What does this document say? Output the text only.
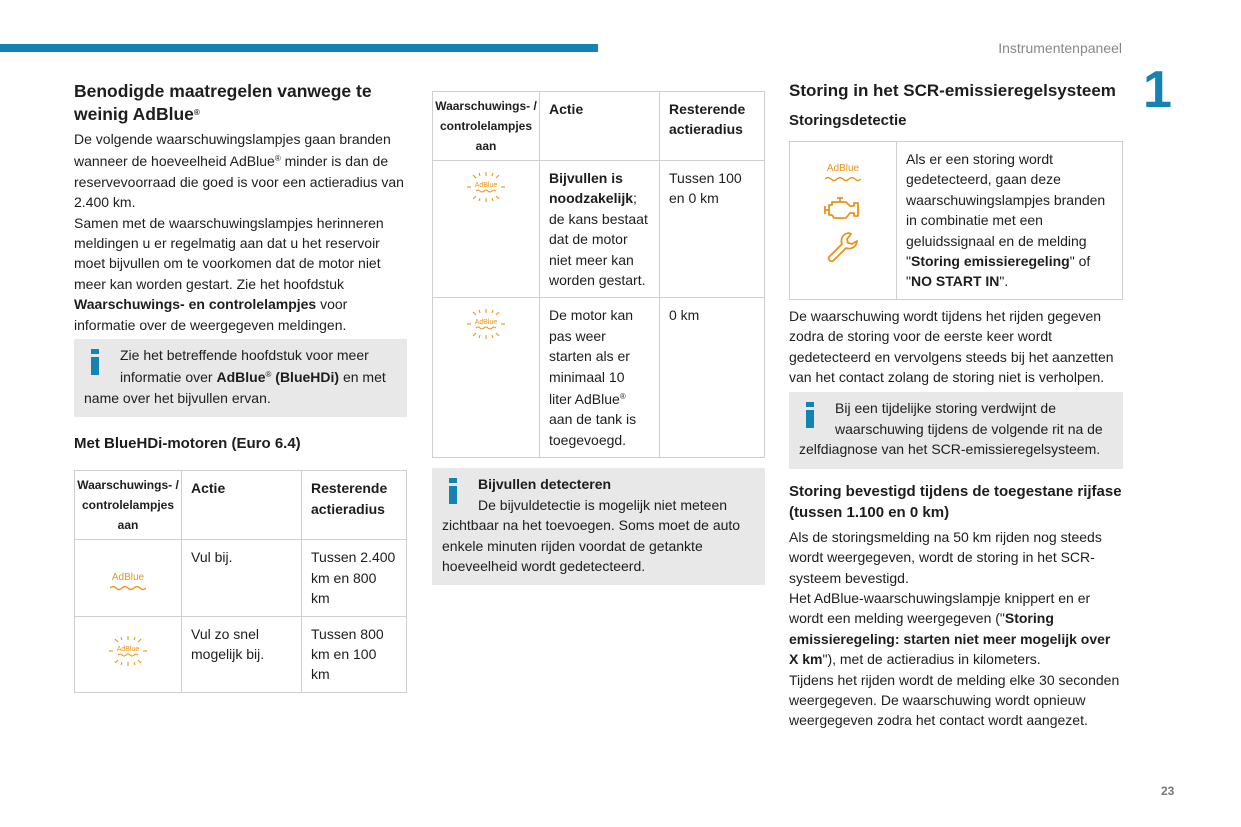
Instrumentenpaneel
1
23
Benodigde maatregelen vanwege te weinig AdBlue®

De volgende waarschuwingslampjes gaan branden wanneer de hoeveelheid AdBlue® minder is dan de reservevoorraad die goed is voor een actieradius van 2.400 km.

Samen met de waarschuwingslampjes herinneren meldingen u er regelmatig aan dat u het reservoir moet bijvullen om te voorkomen dat de motor niet meer kan worden gestart. Zie het hoofdstuk Waarschuwings- en controlelampjes voor informatie over de weergegeven meldingen.

Zie het betreffende hoofdstuk voor meer informatie over AdBlue® (BlueHDi) en met name over het bijvullen ervan.
Met BlueHDi-motoren (Euro 6.4)
Waarschuwings- / controlelampjes aan	Actie	Resterende actieradius
AdBlue	Vul bij.	Tussen 2.400 km en 800 km

AdBlue	Vul zo snel mogelijk bij.	Tussen 800 km en 100 km
Waarschuwings- / controlelampjes aan	Actie	Resterende actieradius

AdBlue	Bijvullen is noodzakelijk; de kans bestaat dat de motor niet meer kan worden gestart.	Tussen 100 en 0 km

AdBlue	De motor kan pas weer starten als er minimaal 10 liter AdBlue® aan de tank is toegevoegd.	0 km
Bijvullen detecteren
De bijvuldetectie is mogelijk niet meteen zichtbaar na het toevoegen. Soms moet de auto enkele minuten rijden voordat de getankte hoeveelheid wordt gedetecteerd.
Storing in het SCR-emissieregelsysteem
Storingsdetectie
AdBlue
	Als er een storing wordt gedetecteerd, gaan deze waarschuwingslampjes branden in combinatie met een geluidssignaal en de melding "Storing emissieregeling" of "NO START IN".

De waarschuwing wordt tijdens het rijden gegeven zodra de storing voor de eerste keer wordt gedetecteerd en vervolgens steeds bij het aanzetten van het contact zolang de storing niet is verholpen.

Bij een tijdelijke storing verdwijnt de waarschuwing tijdens de volgende rit na de zelfdiagnose van het SCR-emissieregelsysteem.
Storing bevestigd tijdens de toegestane rijfase (tussen 1.100 en 0 km)

Als de storingsmelding na 50 km rijden nog steeds wordt weergegeven, wordt de storing in het SCR-systeem bevestigd.

Het AdBlue-waarschuwingslampje knippert en er wordt een melding weergegeven ("Storing emissieregeling: starten niet meer mogelijk over X km"), met de actieradius in kilometers.

Tijdens het rijden wordt de melding elke 30 seconden weergegeven. De waarschuwing wordt opnieuw weergegeven zodra het contact wordt aangezet.
